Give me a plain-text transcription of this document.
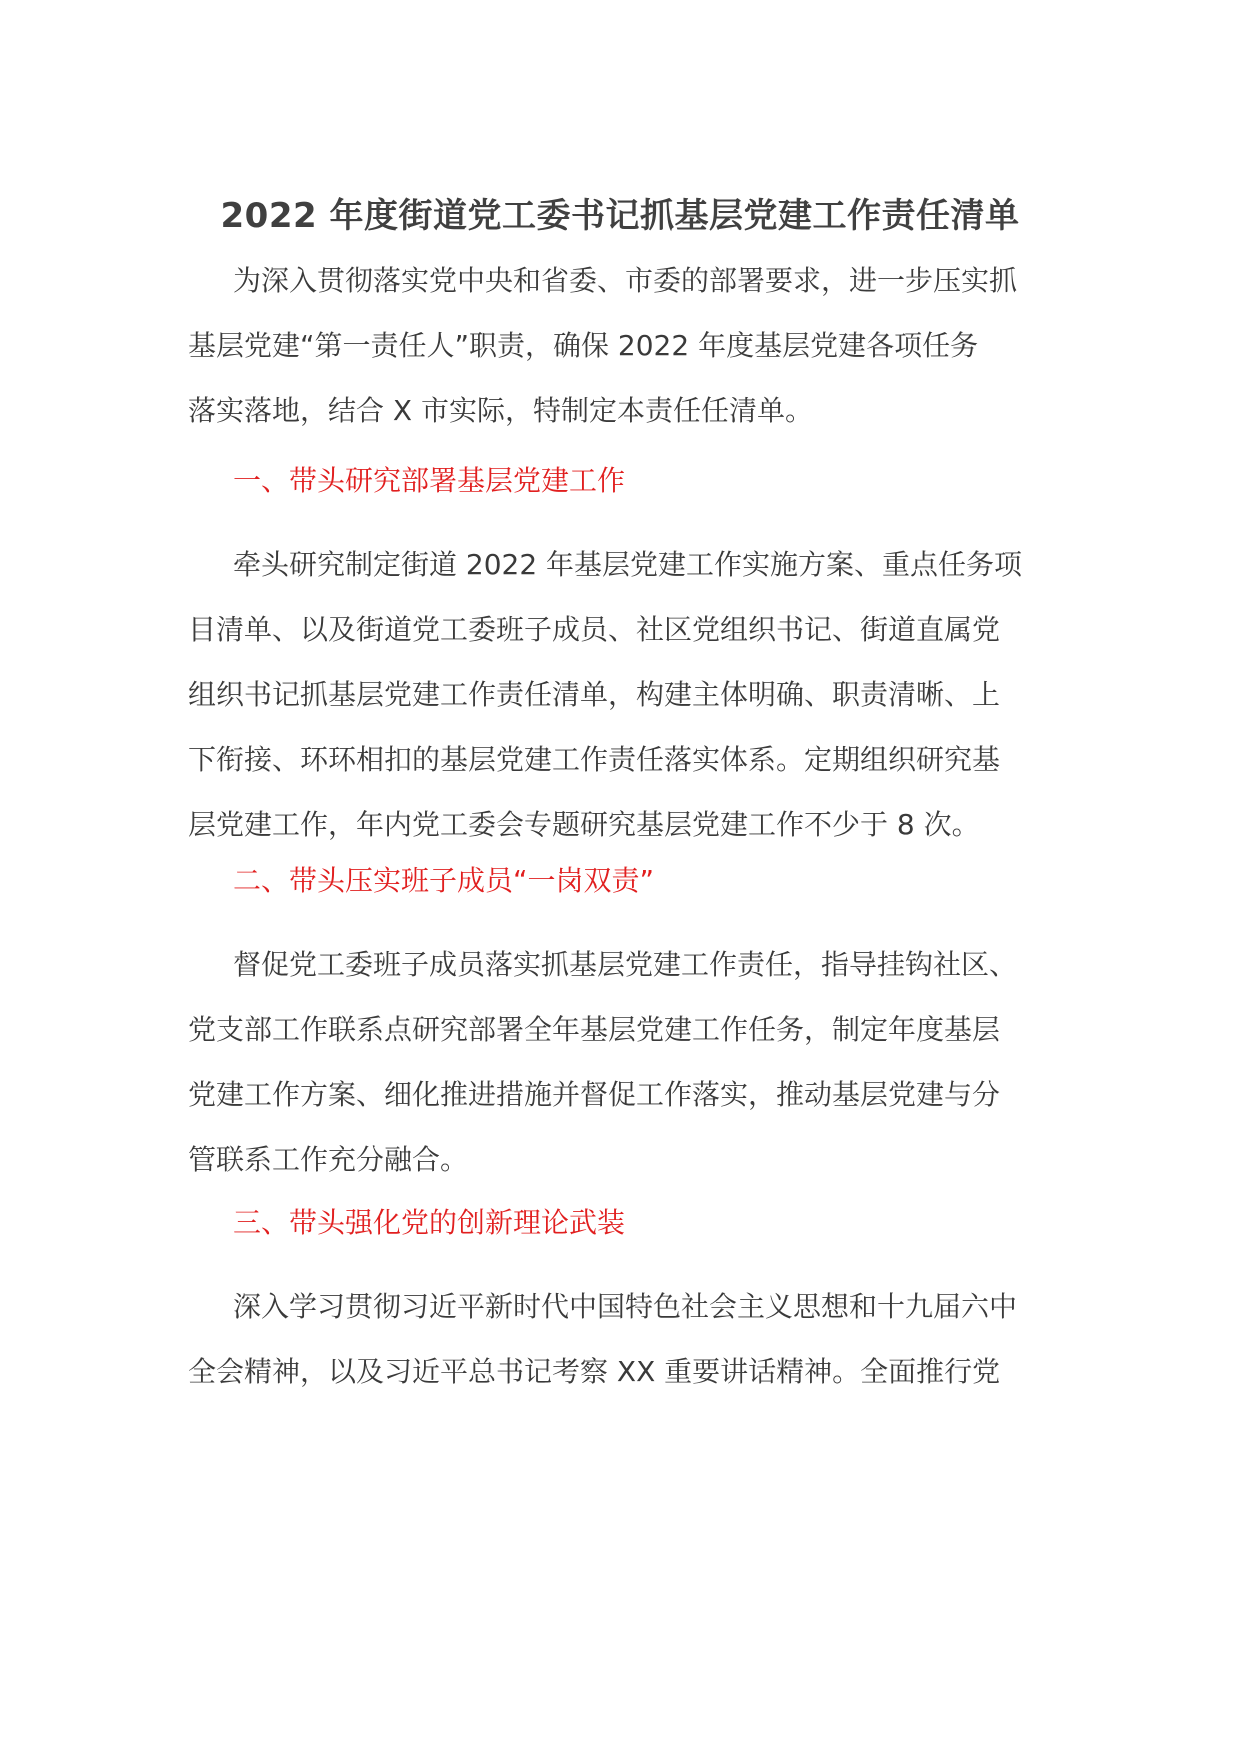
2022 年度街道党工委书记抓基层党建工作责任清单

为深入贯彻落实党中央和省委、市委的部署要求，进一步压实抓
基层党建“第一责任人”职责，确保 2022 年度基层党建各项任务
落实落地，结合 X 市实际，特制定本责任任清单。

一、带头研究部署基层党建工作

牵头研究制定街道 2022 年基层党建工作实施方案、重点任务项
目清单、以及街道党工委班子成员、社区党组织书记、街道直属党
组织书记抓基层党建工作责任清单，构建主体明确、职责清晰、上
下衔接、环环相扣的基层党建工作责任落实体系。定期组织研究基
层党建工作，年内党工委会专题研究基层党建工作不少于 8 次。

二、带头压实班子成员“一岗双责”

督促党工委班子成员落实抓基层党建工作责任，指导挂钩社区、
党支部工作联系点研究部署全年基层党建工作任务，制定年度基层
党建工作方案、细化推进措施并督促工作落实，推动基层党建与分
管联系工作充分融合。

三、带头强化党的创新理论武装

深入学习贯彻习近平新时代中国特色社会主义思想和十九届六中
全会精神，以及习近平总书记考察 XX 重要讲话精神。全面推行党
